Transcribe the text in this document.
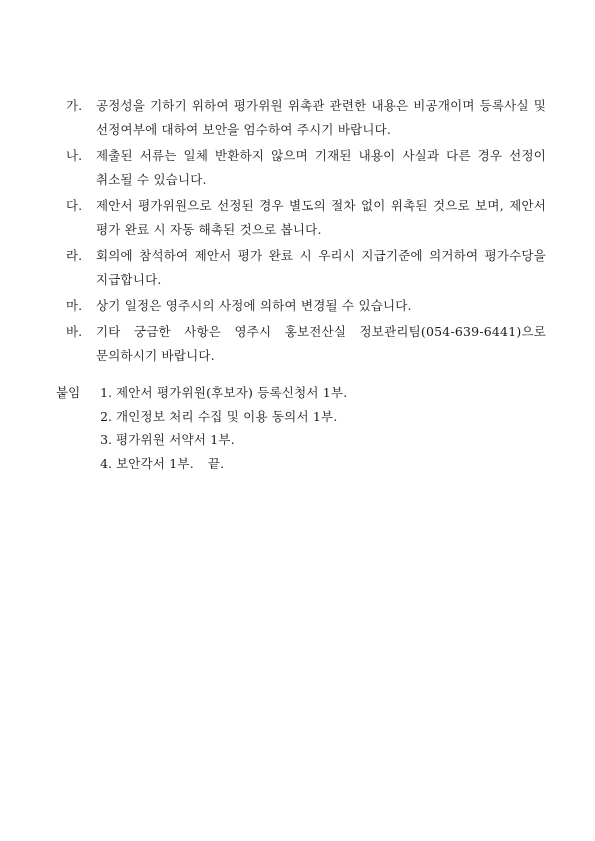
가.	공정성을 기하기 위하여 평가위원 위촉관 관련한 내용은 비공개이며 등록사실 및 선정여부에 대하여 보안을 엄수하여 주시기 바랍니다.
나.	제출된 서류는 일체 반환하지 않으며 기재된 내용이 사실과 다른 경우 선정이 취소될 수 있습니다.
다.	제안서 평가위원으로 선정된 경우 별도의 절차 없이 위촉된 것으로 보며, 제안서 평가 완료 시 자동 해촉된 것으로 봅니다.
라.	회의에 참석하여 제안서 평가 완료 시 우리시 지급기준에 의거하여 평가수당을 지급합니다.
마.	상기 일정은 영주시의 사정에 의하여 변경될 수 있습니다.
바.	기타 궁금한 사항은 영주시 홍보전산실 정보관리팀(054-639-6441)으로 문의하시기 바랍니다.
붙임	1. 제안서 평가위원(후보자) 등록신청서 1부.
2. 개인정보 처리 수집 및 이용 동의서 1부.
3. 평가위원 서약서 1부.
4. 보안각서 1부. 끝.
